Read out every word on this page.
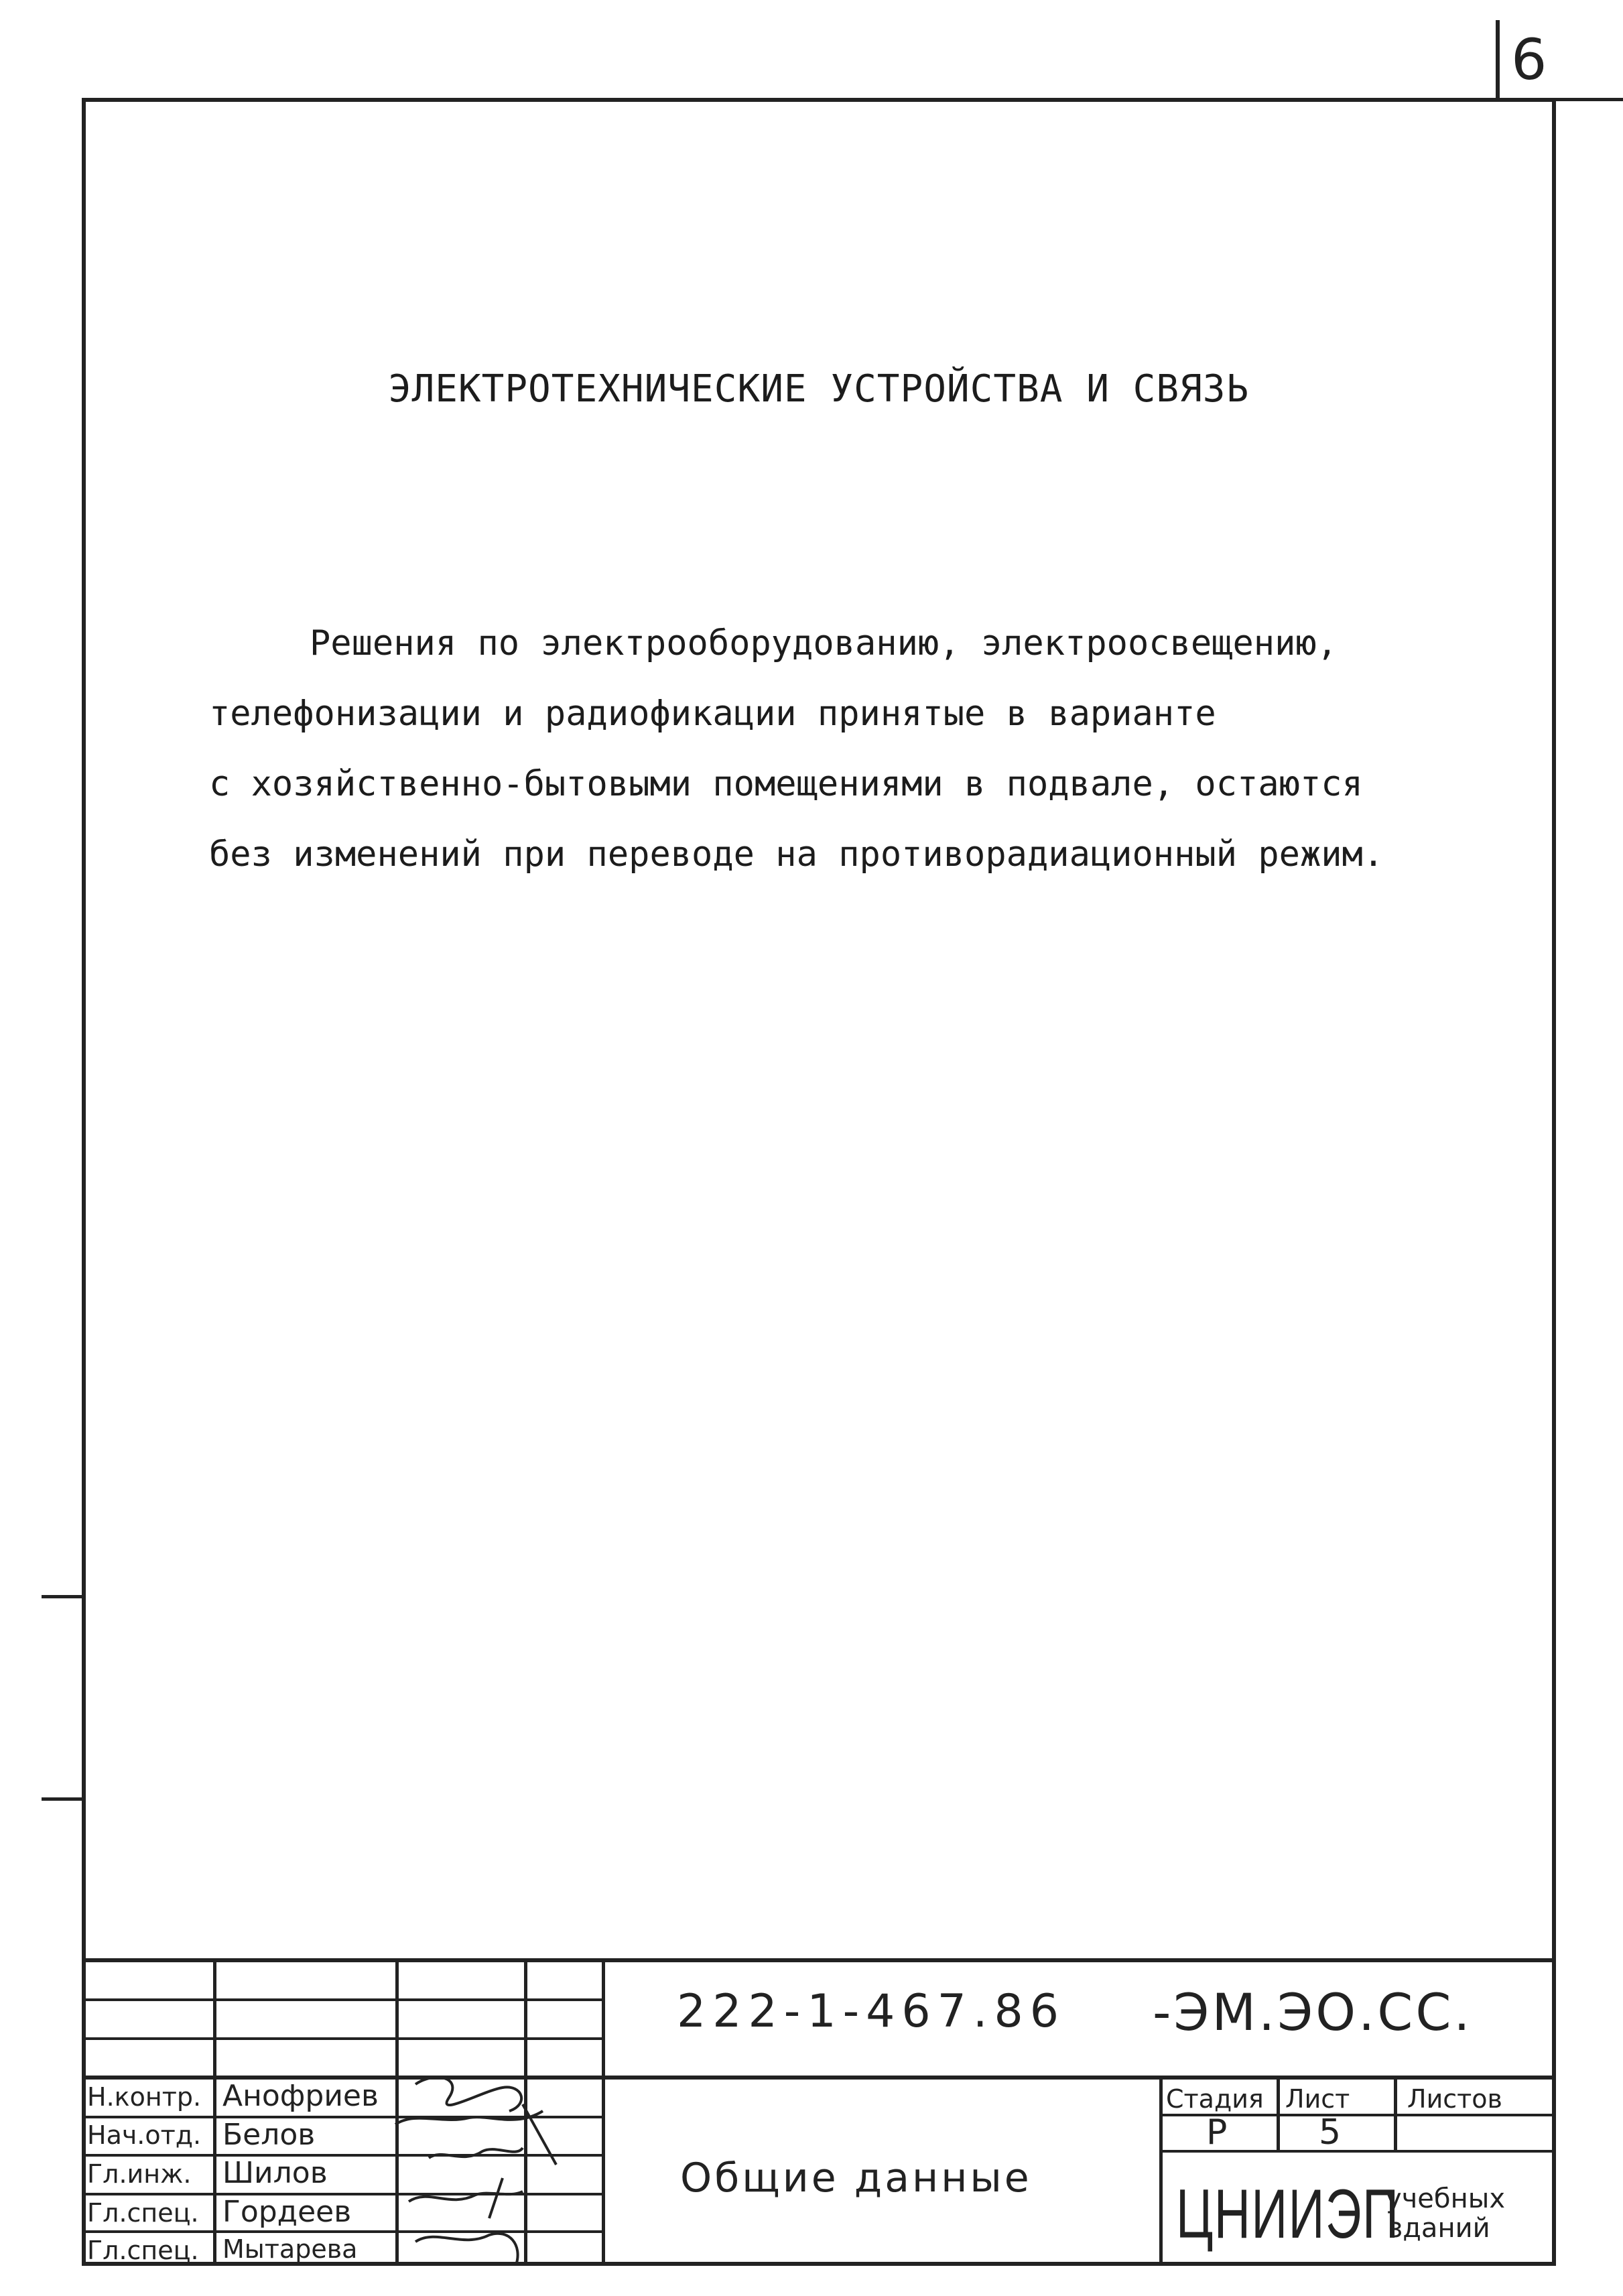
6
ЭЛЕКТРОТЕХНИЧЕСКИЕ УСТРОЙСТВА И СВЯЗЬ
Решения по электрооборудованию, электроосвещению,
телефонизации и радиофикации принятые в варианте
с хозяйственно-бытовыми помещениями в подвале, остаются
без изменений при переводе на противорадиационный режим.
222-1-467.86 -ЭМ.ЭО.СС.
Н.контр. Анофриев
Нач.отд. Белов
Гл.инж. Шилов
Гл.спец. Гордеев
Гл.спец. Мытарева
Общие данные
Стадия Лист Листов
Р	5
ЦНИИЭП
учебных
зданий
